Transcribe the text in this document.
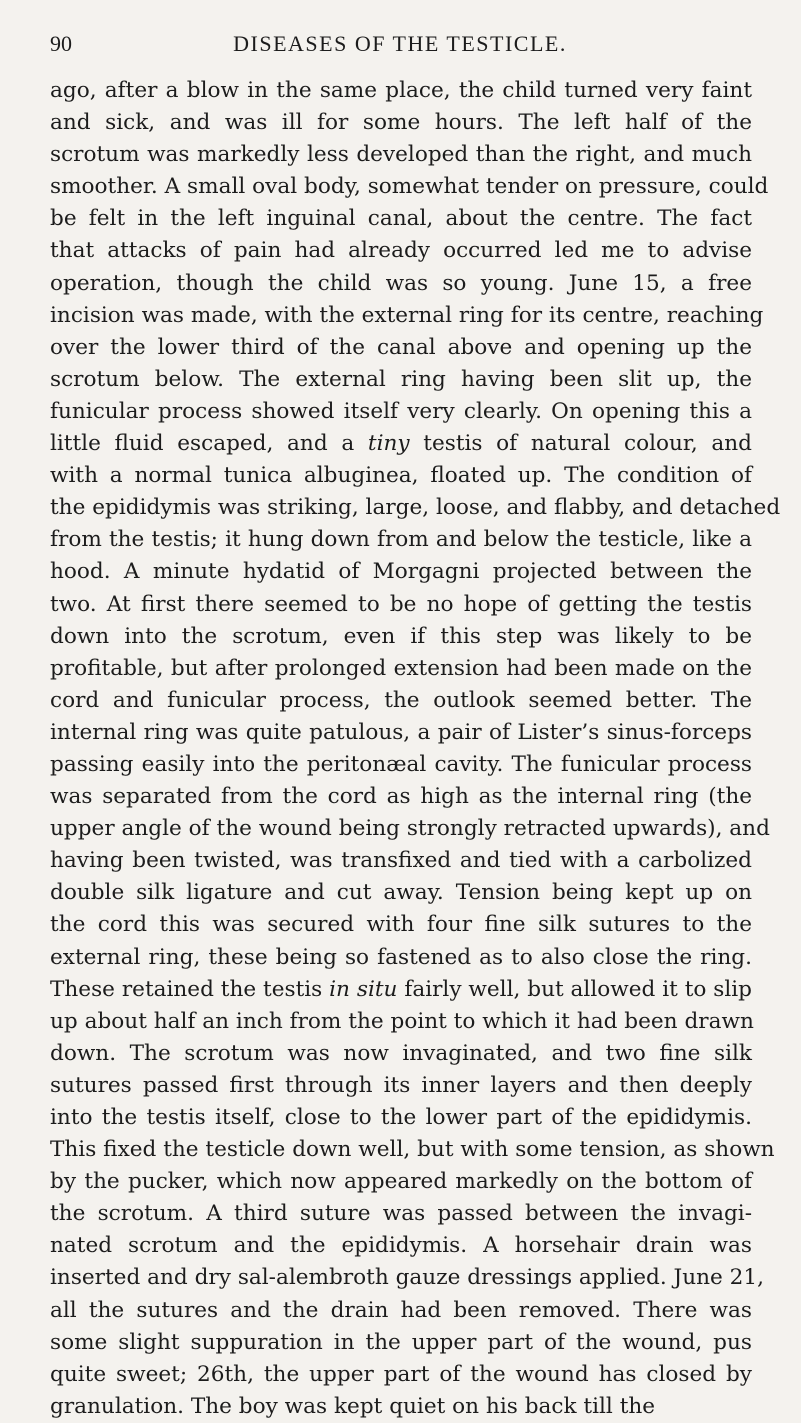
90	DISEASES OF THE TESTICLE.
ago, after a blow in the same place, the child turned very faint
and sick, and was ill for some hours. The left half of the
scrotum was markedly less developed than the right, and much
smoother. A small oval body, somewhat tender on pressure, could
be felt in the left inguinal canal, about the centre. The fact
that attacks of pain had already occurred led me to advise
operation, though the child was so young. June 15, a free
incision was made, with the external ring for its centre, reaching
over the lower third of the canal above and opening up the
scrotum below. The external ring having been slit up, the
funicular process showed itself very clearly. On opening this a
little fluid escaped, and a tiny testis of natural colour, and
with a normal tunica albuginea, floated up. The condition of
the epididymis was striking, large, loose, and flabby, and detached
from the testis; it hung down from and below the testicle, like a
hood. A minute hydatid of Morgagni projected between the
two. At first there seemed to be no hope of getting the testis
down into the scrotum, even if this step was likely to be
profitable, but after prolonged extension had been made on the
cord and funicular process, the outlook seemed better. The
internal ring was quite patulous, a pair of Lister’s sinus-forceps
passing easily into the peritonæal cavity. The funicular process
was separated from the cord as high as the internal ring (the
upper angle of the wound being strongly retracted upwards), and
having been twisted, was transfixed and tied with a carbolized
double silk ligature and cut away. Tension being kept up on
the cord this was secured with four fine silk sutures to the
external ring, these being so fastened as to also close the ring.
These retained the testis in situ fairly well, but allowed it to slip
up about half an inch from the point to which it had been drawn
down. The scrotum was now invaginated, and two fine silk
sutures passed first through its inner layers and then deeply
into the testis itself, close to the lower part of the epididymis.
This fixed the testicle down well, but with some tension, as shown
by the pucker, which now appeared markedly on the bottom of
the scrotum. A third suture was passed between the invagi-
nated scrotum and the epididymis. A horsehair drain was
inserted and dry sal-alembroth gauze dressings applied. June 21,
all the sutures and the drain had been removed. There was
some slight suppuration in the upper part of the wound, pus
quite sweet; 26th, the upper part of the wound has closed by
granulation. The boy was kept quiet on his back till the
